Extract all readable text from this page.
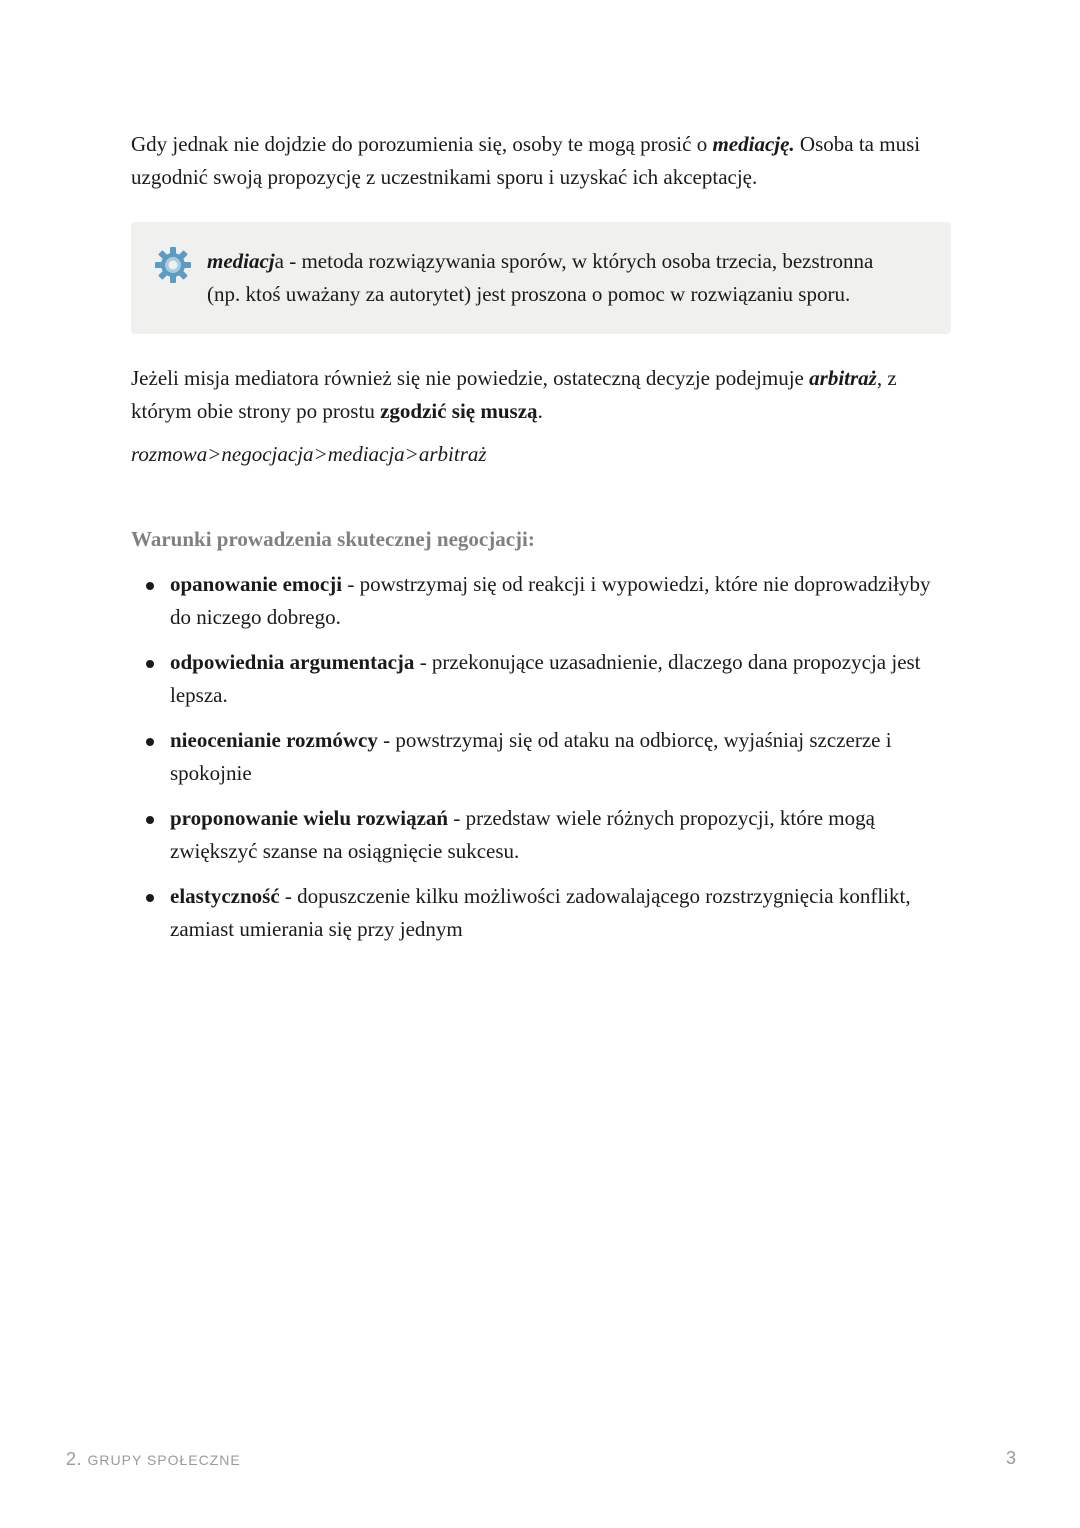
Gdy jednak nie dojdzie do porozumienia się, osoby te mogą prosić o mediację. Osoba ta musi uzgodnić swoją propozycję z uczestnikami sporu i uzyskać ich akceptację.

mediacja - metoda rozwiązywania sporów, w których osoba trzecia, bezstronna (np. ktoś uważany za autorytet) jest proszona o pomoc w rozwiązaniu sporu.

Jeżeli misja mediatora również się nie powiedzie, ostateczną decyzje podejmuje arbitraż, z którym obie strony po prostu zgodzić się muszą.

rozmowa>negocjacja>mediacja>arbitraż

Warunki prowadzenia skutecznej negocjacji:

opanowanie emocji - powstrzymaj się od reakcji i wypowiedzi, które nie doprowadziłyby do niczego dobrego.
odpowiednia argumentacja - przekonujące uzasadnienie, dlaczego dana propozycja jest lepsza.
nieocenianie rozmówcy - powstrzymaj się od ataku na odbiorcę, wyjaśniaj szczerze i spokojnie
proponowanie wielu rozwiązań - przedstaw wiele różnych propozycji, które mogą zwiększyć szanse na osiągnięcie sukcesu.
elastyczność - dopuszczenie kilku możliwości zadowalającego rozstrzygnięcia konflikt, zamiast umierania się przy jednym
2. GRUPY SPOŁECZNE	3
